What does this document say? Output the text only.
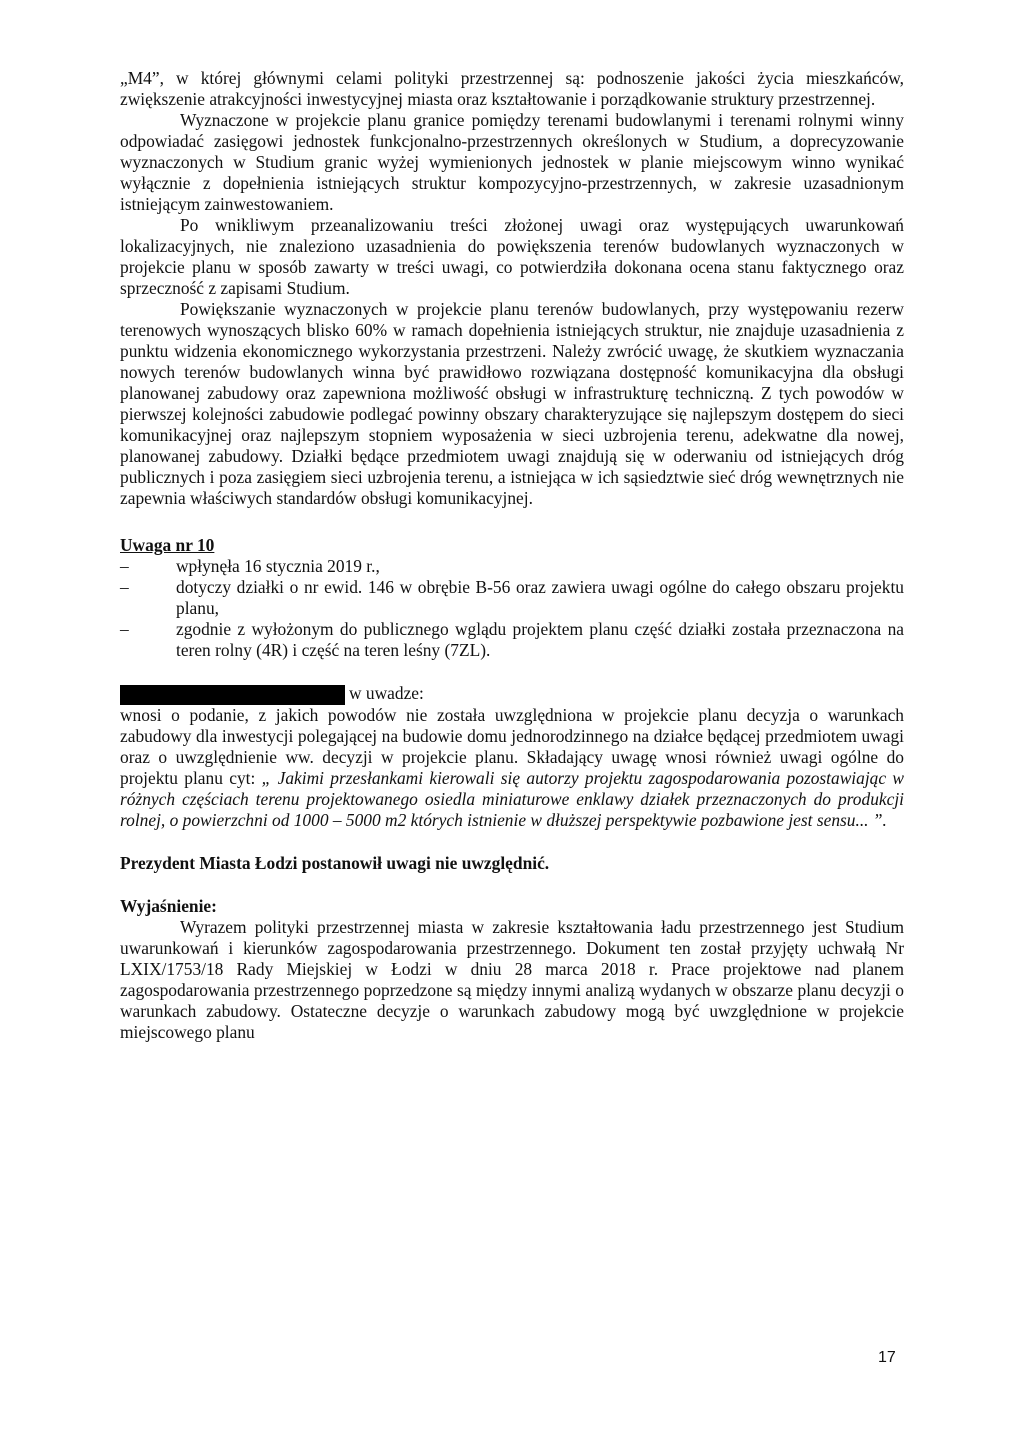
„M4”, w której głównymi celami polityki przestrzennej są: podnoszenie jakości życia mieszkańców, zwiększenie atrakcyjności inwestycyjnej miasta oraz kształtowanie i porządkowanie struktury przestrzennej.

Wyznaczone w projekcie planu granice pomiędzy terenami budowlanymi i terenami rolnymi winny odpowiadać zasięgowi jednostek funkcjonalno-przestrzennych określonych w Studium, a doprecyzowanie wyznaczonych w Studium granic wyżej wymienionych jednostek w planie miejscowym winno wynikać wyłącznie z dopełnienia istniejących struktur kompozycyjno-przestrzennych, w zakresie uzasadnionym istniejącym zainwestowaniem.

Po wnikliwym przeanalizowaniu treści złożonej uwagi oraz występujących uwarunkowań lokalizacyjnych, nie znaleziono uzasadnienia do powiększenia terenów budowlanych wyznaczonych w projekcie planu w sposób zawarty w treści uwagi, co potwierdziła dokonana ocena stanu faktycznego oraz sprzeczność z zapisami Studium.

Powiększanie wyznaczonych w projekcie planu terenów budowlanych, przy występowaniu rezerw terenowych wynoszących blisko 60% w ramach dopełnienia istniejących struktur, nie znajduje uzasadnienia z punktu widzenia ekonomicznego wykorzystania przestrzeni. Należy zwrócić uwagę, że skutkiem wyznaczania nowych terenów budowlanych winna być prawidłowo rozwiązana dostępność komunikacyjna dla obsługi planowanej zabudowy oraz zapewniona możliwość obsługi w infrastrukturę techniczną. Z tych powodów w pierwszej kolejności zabudowie podlegać powinny obszary charakteryzujące się najlepszym dostępem do sieci komunikacyjnej oraz najlepszym stopniem wyposażenia w sieci uzbrojenia terenu, adekwatne dla nowej, planowanej zabudowy. Działki będące przedmiotem uwagi znajdują się w oderwaniu od istniejących dróg publicznych i poza zasięgiem sieci uzbrojenia terenu, a istniejąca w ich sąsiedztwie sieć dróg wewnętrznych nie zapewnia właściwych standardów obsługi komunikacyjnej.

Uwaga nr 10

– wpłynęła 16 stycznia 2019 r.,
– dotyczy działki o nr ewid. 146 w obrębie B-56 oraz zawiera uwagi ogólne do całego obszaru projektu planu,
– zgodnie z wyłożonym do publicznego wglądu projektem planu część działki została przeznaczona na teren rolny (4R) i część na teren leśny (7ZL).
w uwadze:

wnosi o podanie, z jakich powodów nie została uwzględniona w projekcie planu decyzja o warunkach zabudowy dla inwestycji polegającej na budowie domu jednorodzinnego na działce będącej przedmiotem uwagi oraz o uwzględnienie ww. decyzji w projekcie planu. Składający uwagę wnosi również uwagi ogólne do projektu planu cyt: „ Jakimi przesłankami kierowali się autorzy projektu zagospodarowania pozostawiając w różnych częściach terenu projektowanego osiedla miniaturowe enklawy działek przeznaczonych do produkcji rolnej, o powierzchni od 1000 – 5000 m2 których istnienie w dłuższej perspektywie pozbawione jest sensu... ”.

Prezydent Miasta Łodzi postanowił uwagi nie uwzględnić.

Wyjaśnienie:

Wyrazem polityki przestrzennej miasta w zakresie kształtowania ładu przestrzennego jest Studium uwarunkowań i kierunków zagospodarowania przestrzennego. Dokument ten został przyjęty uchwałą Nr LXIX/1753/18 Rady Miejskiej w Łodzi w dniu 28 marca 2018 r. Prace projektowe nad planem zagospodarowania przestrzennego poprzedzone są między innymi analizą wydanych w obszarze planu decyzji o warunkach zabudowy. Ostateczne decyzje o warunkach zabudowy mogą być uwzględnione w projekcie miejscowego planu

17
